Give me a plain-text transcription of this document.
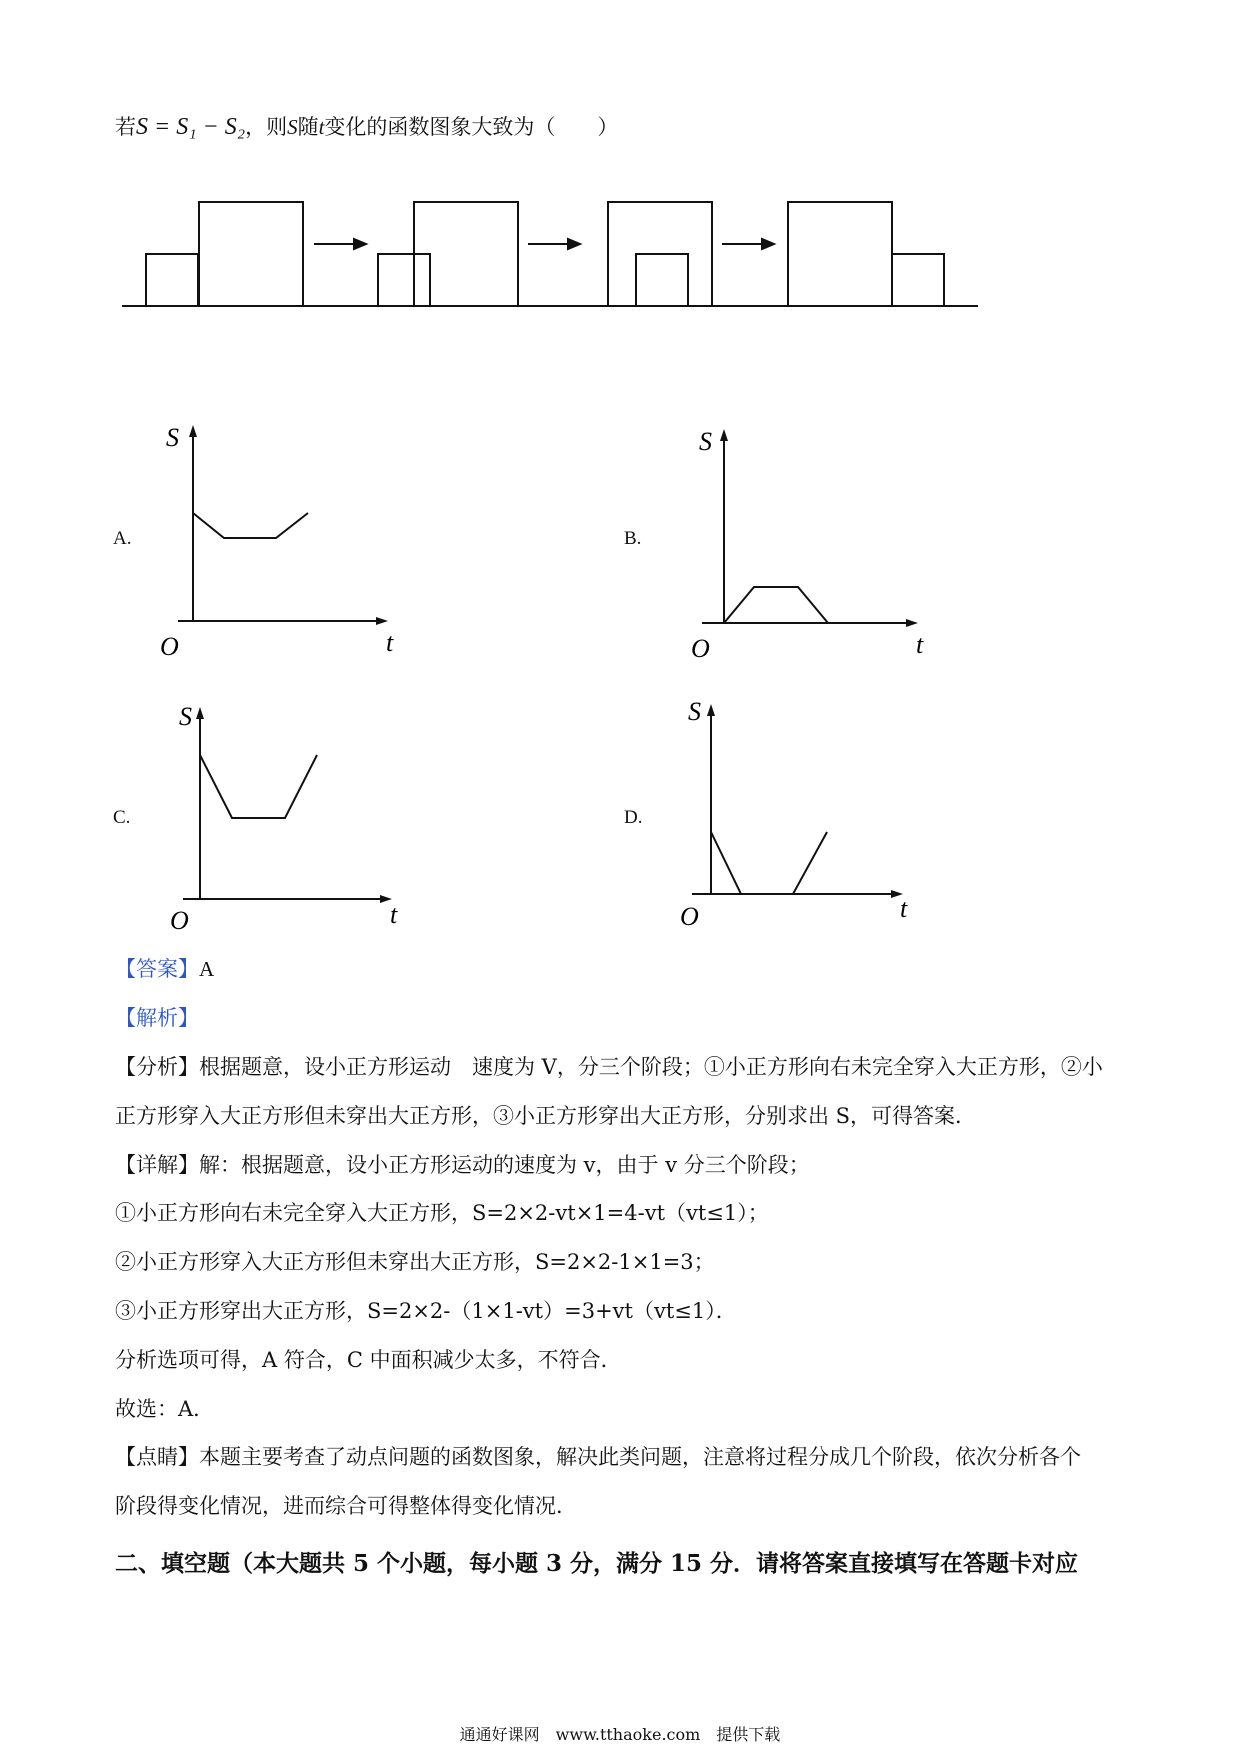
若S = S₁ − S₂，则S随t变化的函数图象大致为（　　）
A.	B.
C.	D.
S
t
O
S
t
O
S
t
O
S
t
O
【答案】A
【解析】
【分析】根据题意，设小正方形运动　速度为 V，分三个阶段；①小正方形向右未完全穿入大正方形，②小
正方形穿入大正方形但未穿出大正方形，③小正方形穿出大正方形，分别求出 S，可得答案．
【详解】解：根据题意，设小正方形运动的速度为 v，由于 v 分三个阶段；
①小正方形向右未完全穿入大正方形，S=2×2-vt×1=4-vt（vt≤1）；
②小正方形穿入大正方形但未穿出大正方形，S=2×2-1×1=3；
③小正方形穿出大正方形，S=2×2-（1×1-vt）=3+vt（vt≤1）．
分析选项可得，A 符合，C 中面积减少太多，不符合．
故选：A．
【点睛】本题主要考查了动点问题的函数图象，解决此类问题，注意将过程分成几个阶段，依次分析各个
阶段得变化情况，进而综合可得整体得变化情况．
二、填空题（本大题共 5 个小题，每小题 3 分，满分 15 分．请将答案直接填写在答题卡对应
通通好课网　www.tthaoke.com　提供下载
